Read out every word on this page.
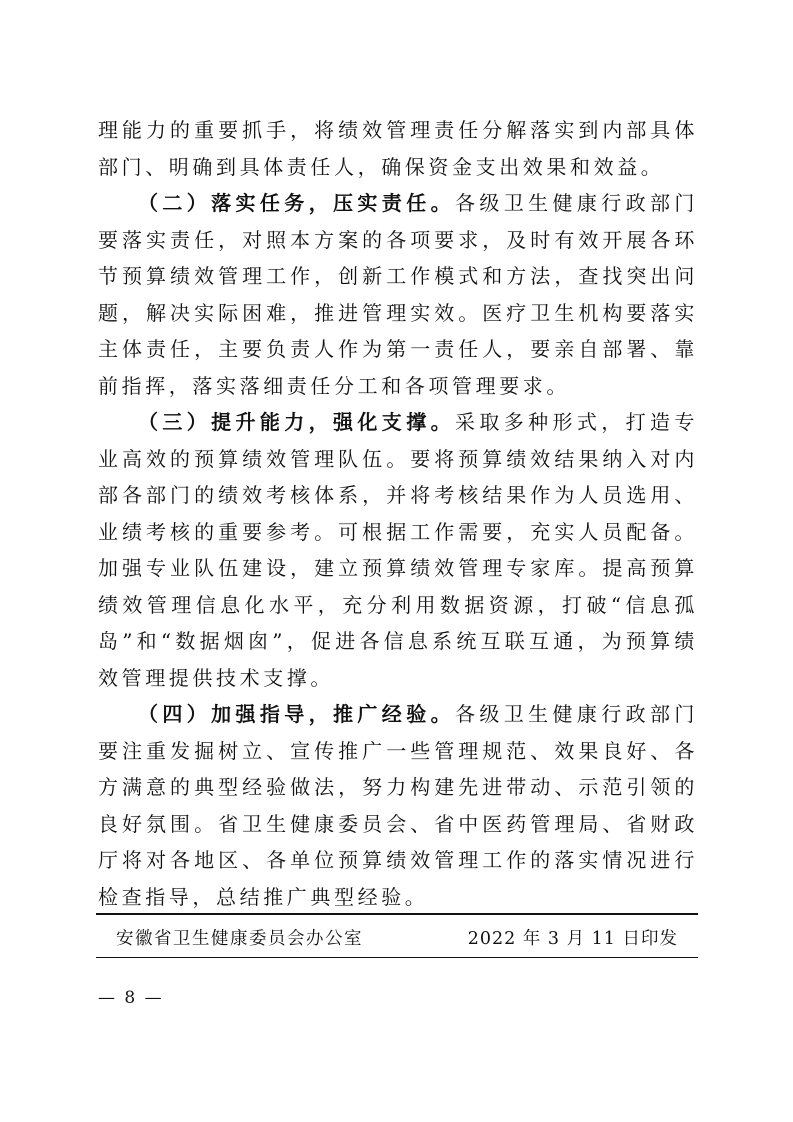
理能力的重要抓手，将绩效管理责任分解落实到内部具体部门、明确到具体责任人，确保资金支出效果和效益。

（二）落实任务，压实责任。各级卫生健康行政部门要落实责任，对照本方案的各项要求，及时有效开展各环节预算绩效管理工作，创新工作模式和方法，查找突出问题，解决实际困难，推进管理实效。医疗卫生机构要落实主体责任，主要负责人作为第一责任人，要亲自部署、靠前指挥，落实落细责任分工和各项管理要求。

（三）提升能力，强化支撑。采取多种形式，打造专业高效的预算绩效管理队伍。要将预算绩效结果纳入对内部各部门的绩效考核体系，并将考核结果作为人员选用、业绩考核的重要参考。可根据工作需要，充实人员配备。加强专业队伍建设，建立预算绩效管理专家库。提高预算绩效管理信息化水平，充分利用数据资源，打破“信息孤岛”和“数据烟囱”，促进各信息系统互联互通，为预算绩效管理提供技术支撑。

（四）加强指导，推广经验。各级卫生健康行政部门要注重发掘树立、宣传推广一些管理规范、效果良好、各方满意的典型经验做法，努力构建先进带动、示范引领的良好氛围。省卫生健康委员会、省中医药管理局、省财政厅将对各地区、各单位预算绩效管理工作的落实情况进行检查指导，总结推广典型经验。

安徽省卫生健康委员会办公室	2022 年 3 月 11 日印发
— 8 —
